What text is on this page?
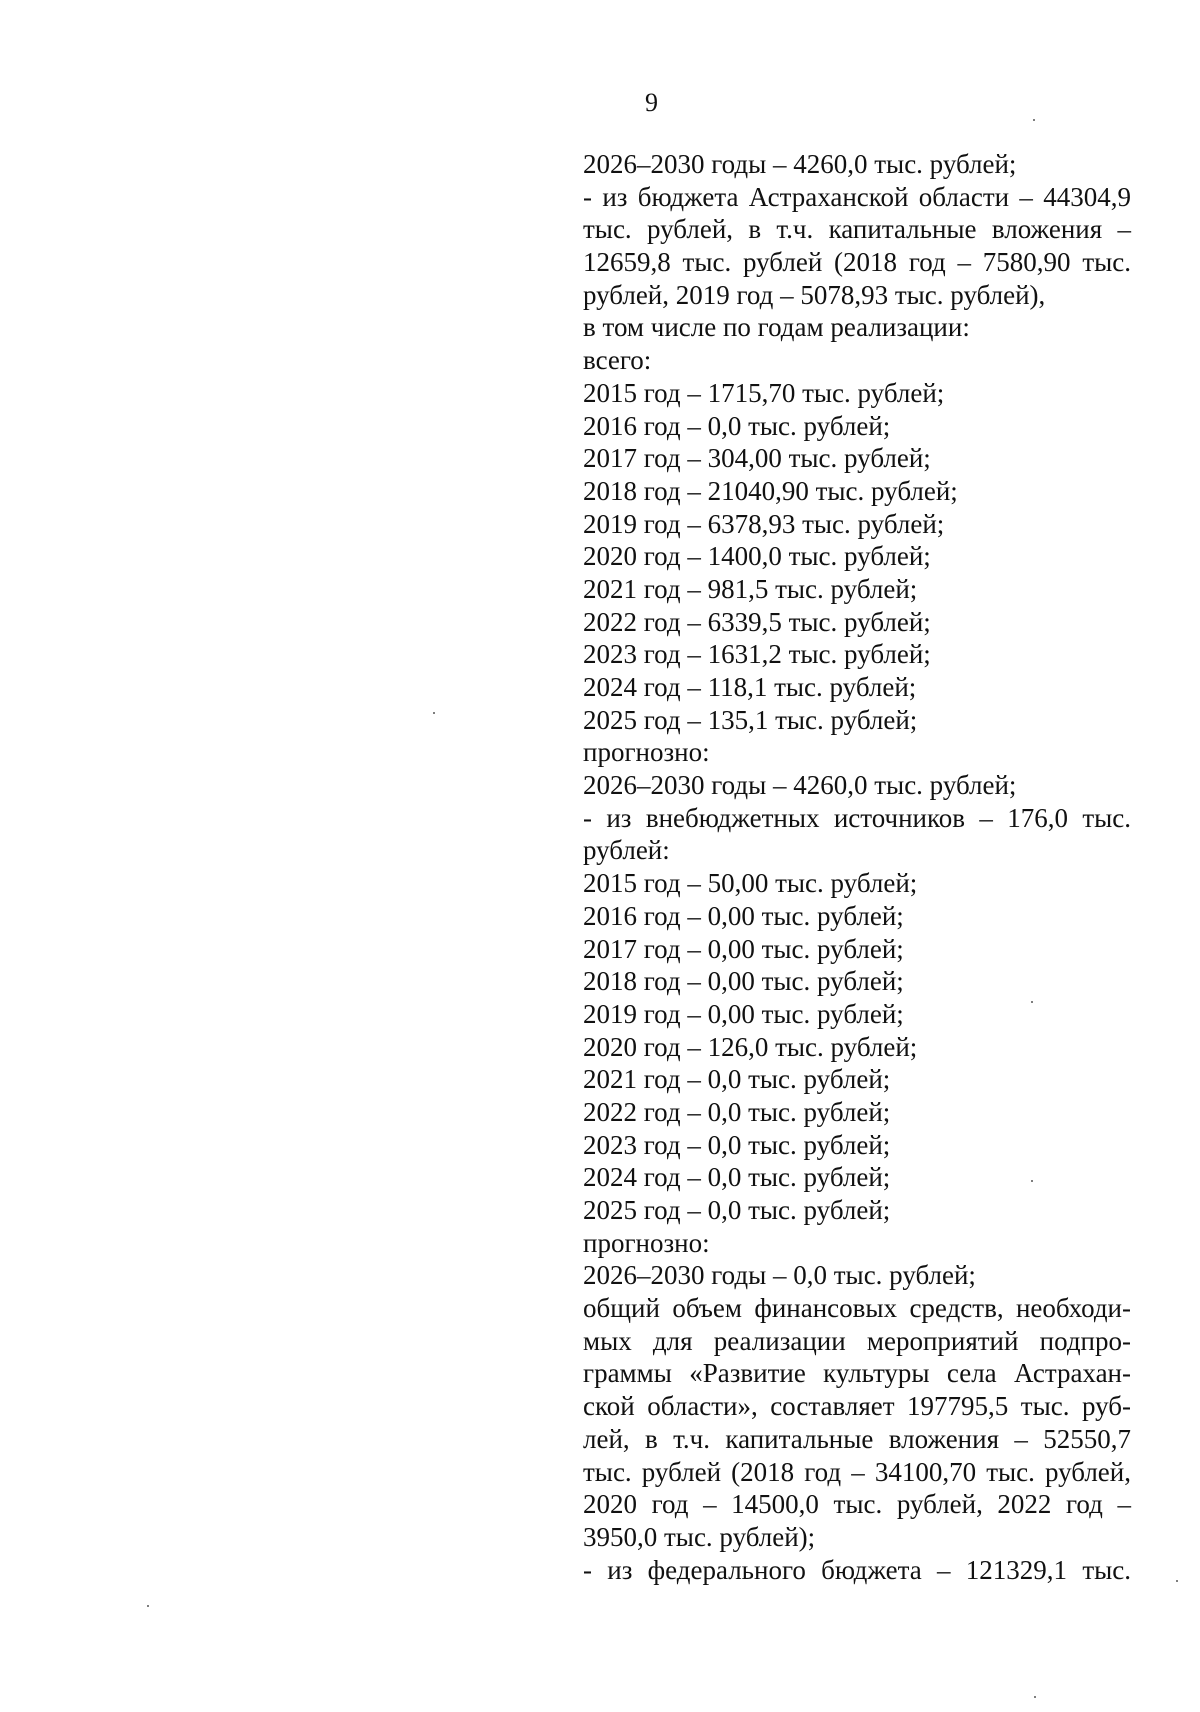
9
2026–2030 годы – 4260,0 тыс. рублей;
- из бюджета Астраханской области – 44304,9
тыс. рублей, в т.ч. капитальные вложения –
12659,8 тыс. рублей (2018 год – 7580,90 тыс.
рублей, 2019 год – 5078,93 тыс. рублей),
в том числе по годам реализации:
всего:
2015 год – 1715,70 тыс. рублей;
2016 год – 0,0 тыс. рублей;
2017 год – 304,00 тыс. рублей;
2018 год – 21040,90 тыс. рублей;
2019 год – 6378,93 тыс. рублей;
2020 год – 1400,0 тыс. рублей;
2021 год – 981,5 тыс. рублей;
2022 год – 6339,5 тыс. рублей;
2023 год – 1631,2 тыс. рублей;
2024 год – 118,1 тыс. рублей;
2025 год – 135,1 тыс. рублей;
прогнозно:
2026–2030 годы – 4260,0 тыс. рублей;
- из внебюджетных источников – 176,0 тыс.
рублей:
2015 год – 50,00 тыс. рублей;
2016 год – 0,00 тыс. рублей;
2017 год – 0,00 тыс. рублей;
2018 год – 0,00 тыс. рублей;
2019 год – 0,00 тыс. рублей;
2020 год – 126,0 тыс. рублей;
2021 год – 0,0 тыс. рублей;
2022 год – 0,0 тыс. рублей;
2023 год – 0,0 тыс. рублей;
2024 год – 0,0 тыс. рублей;
2025 год – 0,0 тыс. рублей;
прогнозно:
2026–2030 годы – 0,0 тыс. рублей;
общий объем финансовых средств, необходи-
мых для реализации мероприятий подпро-
граммы «Развитие культуры села Астрахан-
ской области», составляет 197795,5 тыс. руб-
лей, в т.ч. капитальные вложения – 52550,7
тыс. рублей (2018 год – 34100,70 тыс. рублей,
2020 год – 14500,0 тыс. рублей, 2022 год –
3950,0 тыс. рублей);
- из федерального бюджета – 121329,1 тыс.
